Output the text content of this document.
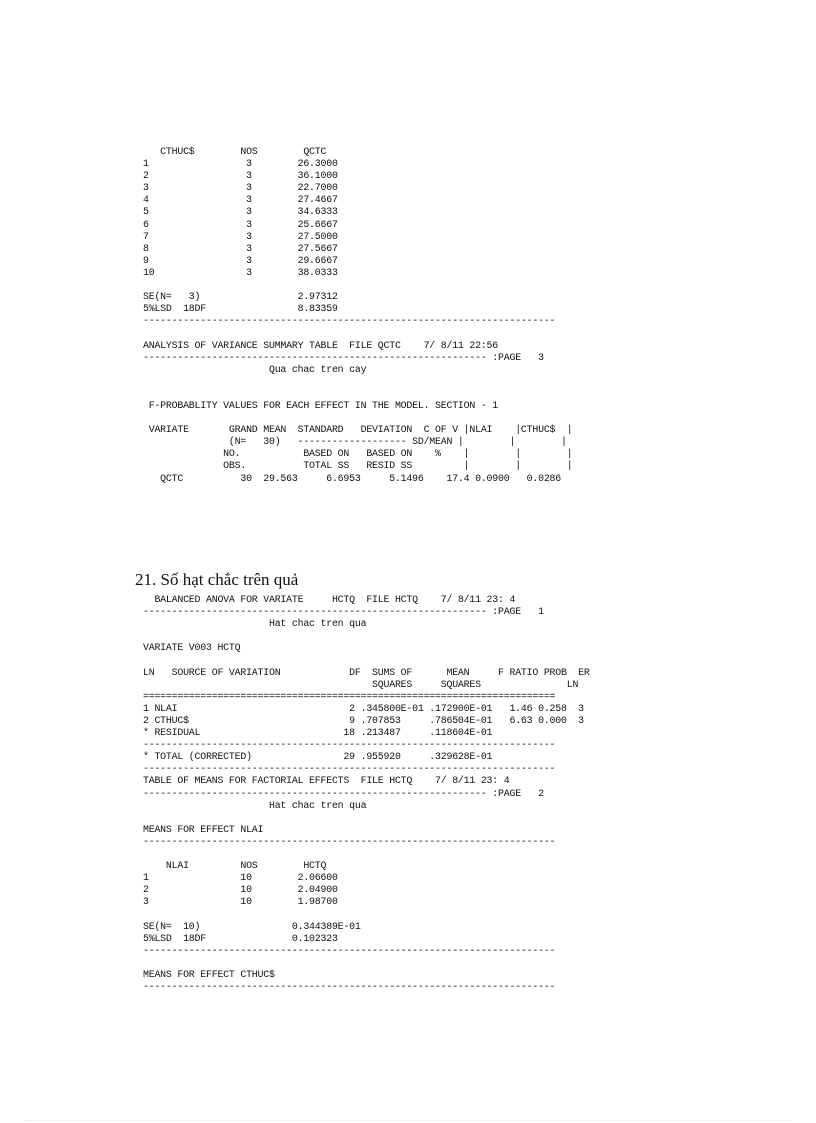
CTHUC$        NOS        QCTC
1                 3        26.3000
2                 3        36.1000
3                 3        22.7000
4                 3        27.4667
5                 3        34.6333
6                 3        25.6667
7                 3        27.5000
8                 3        27.5667
9                 3        29.6667
10                3        38.0333

SE(N=   3)                 2.97312
5%LSD  18DF                8.83359
------------------------------------------------------------------------

ANALYSIS OF VARIANCE SUMMARY TABLE  FILE QCTC    7/ 8/11 22:56
------------------------------------------------------------ :PAGE   3
Qua chac tren cay

F-PROBABLITY VALUES FOR EACH EFFECT IN THE MODEL. SECTION - 1

VARIATE       GRAND MEAN  STANDARD   DEVIATION  C OF V |NLAI    |CTHUC$  |
(N=   30)   ------------------- SD/MEAN |        |        |
NO.           BASED ON   BASED ON    %    |        |        |
OBS.          TOTAL SS   RESID SS         |        |        |
QCTC          30  29.563     6.6953     5.1496    17.4 0.0900   0.0286
21. Số hạt chắc trên quả
BALANCED ANOVA FOR VARIATE     HCTQ  FILE HCTQ    7/ 8/11 23: 4
------------------------------------------------------------ :PAGE   1
Hat chac tren qua

VARIATE V003 HCTQ

LN   SOURCE OF VARIATION            DF  SUMS OF      MEAN     F RATIO PROB  ER
SQUARES     SQUARES               LN
========================================================================
1 NLAI                              2 .345800E-01 .172900E-01   1.46 0.258  3
2 CTHUC$                            9 .707853     .786504E-01   6.63 0.000  3
* RESIDUAL                         18 .213487     .118604E-01
------------------------------------------------------------------------
* TOTAL (CORRECTED)                29 .955920     .329628E-01
------------------------------------------------------------------------
TABLE OF MEANS FOR FACTORIAL EFFECTS  FILE HCTQ    7/ 8/11 23: 4
------------------------------------------------------------ :PAGE   2
Hat chac tren qua

MEANS FOR EFFECT NLAI
------------------------------------------------------------------------

NLAI         NOS        HCTQ
1                10        2.06600
2                10        2.04900
3                10        1.98700

SE(N=  10)                0.344389E-01
5%LSD  18DF               0.102323
------------------------------------------------------------------------

MEANS FOR EFFECT CTHUC$
------------------------------------------------------------------------
